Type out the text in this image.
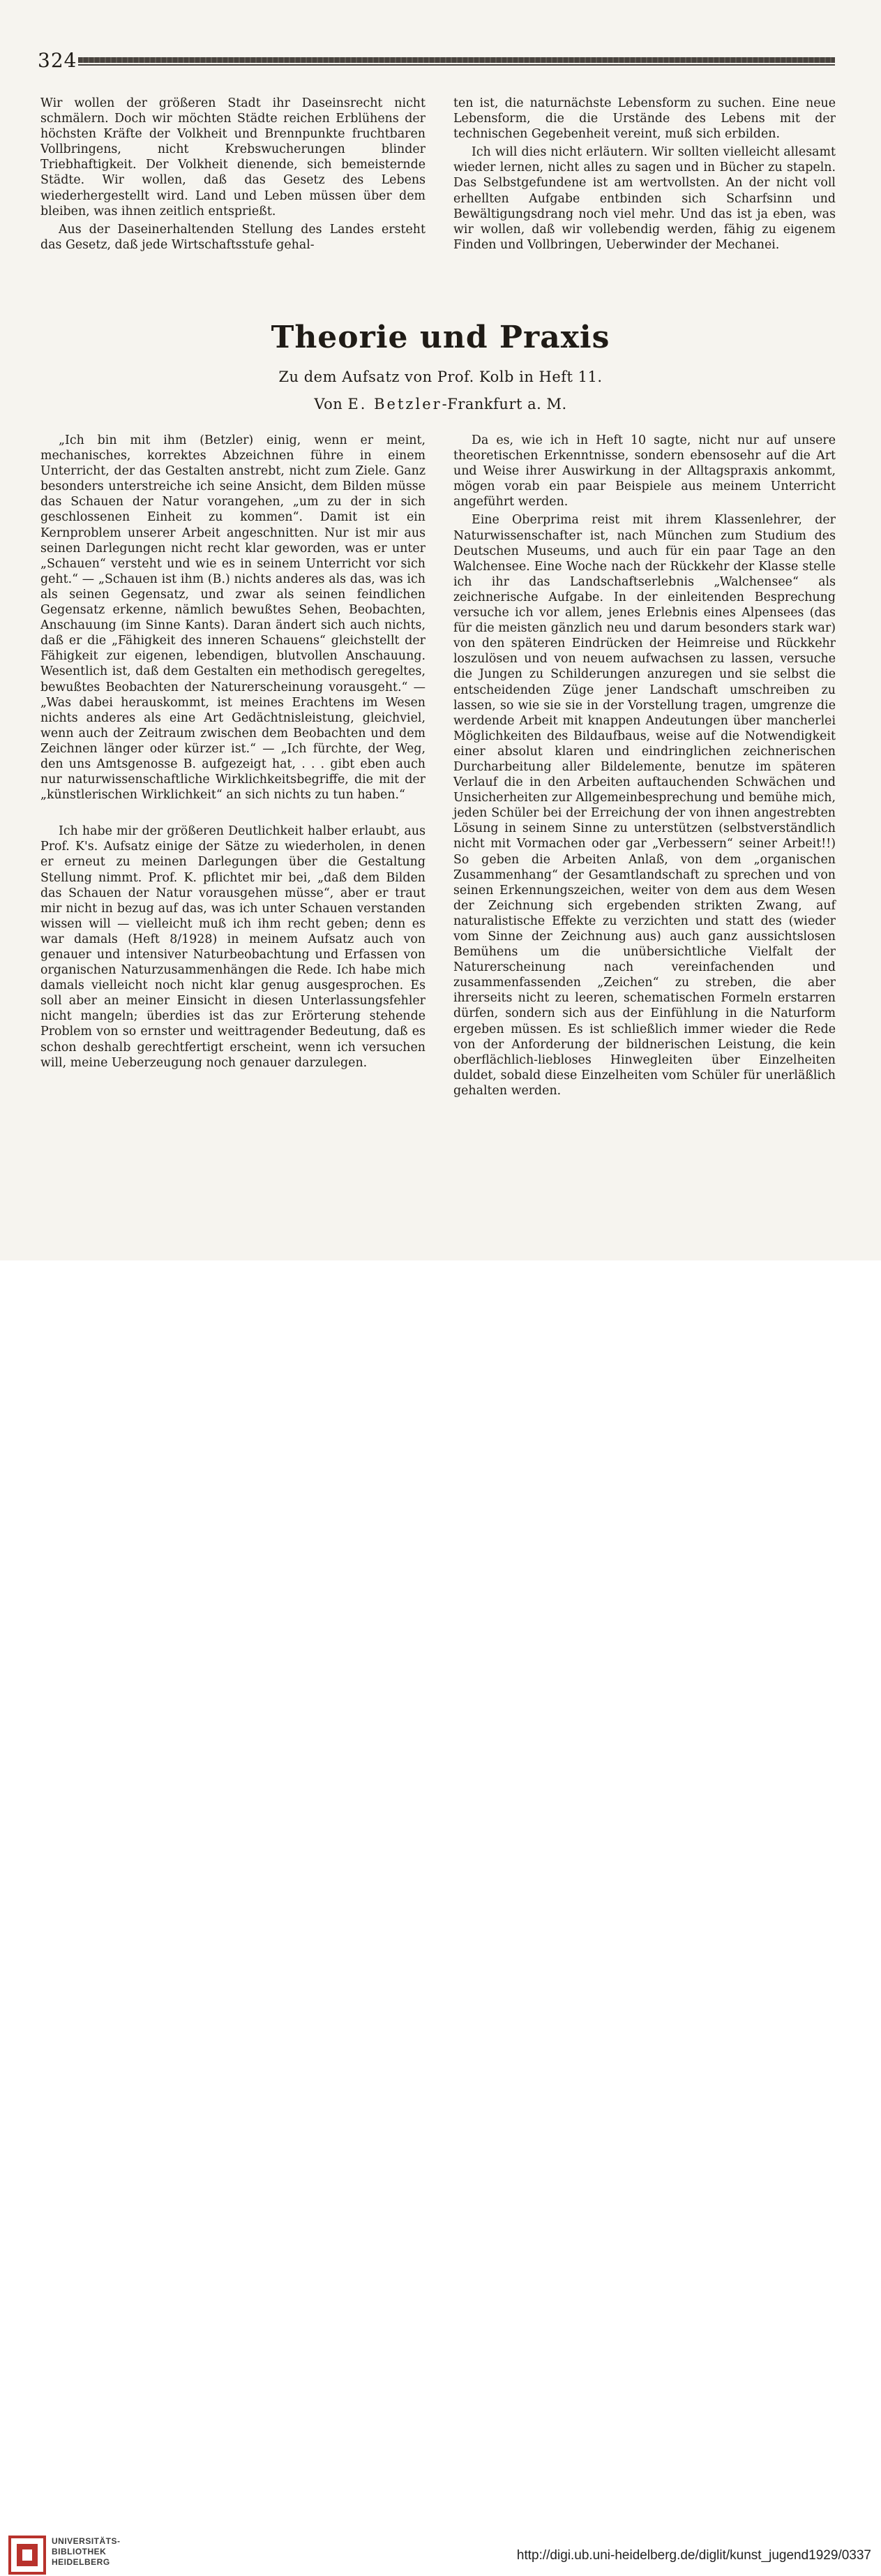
324

Wir wollen der größeren Stadt ihr Daseinsrecht nicht schmälern. Doch wir möchten Städte reichen Erblühens der höchsten Kräfte der Volkheit und Brennpunkte fruchtbaren Vollbringens, nicht Krebswucherungen blinder Triebhaftigkeit. Der Volkheit dienende, sich bemeisternde Städte. Wir wollen, daß das Gesetz des Lebens wiederhergestellt wird. Land und Leben müssen über dem bleiben, was ihnen zeitlich entsprießt.

Aus der Daseinerhaltenden Stellung des Landes ersteht das Gesetz, daß jede Wirtschaftsstufe gehal-

ten ist, die naturnächste Lebensform zu suchen. Eine neue Lebensform, die die Urstände des Lebens mit der technischen Gegebenheit vereint, muß sich erbilden.

Ich will dies nicht erläutern. Wir sollten vielleicht allesamt wieder lernen, nicht alles zu sagen und in Bücher zu stapeln. Das Selbstgefundene ist am wertvollsten. An der nicht voll erhellten Aufgabe entbinden sich Scharfsinn und Bewältigungsdrang noch viel mehr. Und das ist ja eben, was wir wollen, daß wir vollebendig werden, fähig zu eigenem Finden und Vollbringen, Ueberwinder der Mechanei.

Theorie und Praxis
Zu dem Aufsatz von Prof. Kolb in Heft 11.
Von E. Betzler-Frankfurt a. M.

„Ich bin mit ihm (Betzler) einig, wenn er meint, mechanisches, korrektes Abzeichnen führe in einem Unterricht, der das Gestalten anstrebt, nicht zum Ziele. Ganz besonders unterstreiche ich seine Ansicht, dem Bilden müsse das Schauen der Natur vorangehen, „um zu der in sich geschlossenen Einheit zu kommen“. Damit ist ein Kernproblem unserer Arbeit angeschnitten. Nur ist mir aus seinen Darlegungen nicht recht klar geworden, was er unter „Schauen“ versteht und wie es in seinem Unterricht vor sich geht.“ — „Schauen ist ihm (B.) nichts anderes als das, was ich als seinen Gegensatz, und zwar als seinen feindlichen Gegensatz erkenne, nämlich bewußtes Sehen, Beobachten, Anschauung (im Sinne Kants). Daran ändert sich auch nichts, daß er die „Fähigkeit des inneren Schauens“ gleichstellt der Fähigkeit zur eigenen, lebendigen, blutvollen Anschauung. Wesentlich ist, daß dem Gestalten ein methodisch geregeltes, bewußtes Beobachten der Naturerscheinung vorausgeht.“ — „Was dabei herauskommt, ist meines Erachtens im Wesen nichts anderes als eine Art Gedächtnisleistung, gleichviel, wenn auch der Zeitraum zwischen dem Beobachten und dem Zeichnen länger oder kürzer ist.“ — „Ich fürchte, der Weg, den uns Amtsgenosse B. aufgezeigt hat, . . . gibt eben auch nur naturwissenschaftliche Wirklichkeitsbegriffe, die mit der „künstlerischen Wirklichkeit“ an sich nichts zu tun haben.“

Ich habe mir der größeren Deutlichkeit halber erlaubt, aus Prof. K's. Aufsatz einige der Sätze zu wiederholen, in denen er erneut zu meinen Darlegungen über die Gestaltung Stellung nimmt. Prof. K. pflichtet mir bei, „daß dem Bilden das Schauen der Natur vorausgehen müsse“, aber er traut mir nicht in bezug auf das, was ich unter Schauen verstanden wissen will — vielleicht muß ich ihm recht geben; denn es war damals (Heft 8/1928) in meinem Aufsatz auch von genauer und intensiver Naturbeobachtung und Erfassen von organischen Naturzusammenhängen die Rede. Ich habe mich damals vielleicht noch nicht klar genug ausgesprochen. Es soll aber an meiner Einsicht in diesen Unterlassungsfehler nicht mangeln; überdies ist das zur Erörterung stehende Problem von so ernster und weittragender Bedeutung, daß es schon deshalb gerechtfertigt erscheint, wenn ich versuchen will, meine Ueberzeugung noch genauer darzulegen.

Da es, wie ich in Heft 10 sagte, nicht nur auf unsere theoretischen Erkenntnisse, sondern ebensosehr auf die Art und Weise ihrer Auswirkung in der Alltagspraxis ankommt, mögen vorab ein paar Beispiele aus meinem Unterricht angeführt werden.

Eine Oberprima reist mit ihrem Klassenlehrer, der Naturwissenschafter ist, nach München zum Studium des Deutschen Museums, und auch für ein paar Tage an den Walchensee. Eine Woche nach der Rückkehr der Klasse stelle ich ihr das Landschaftserlebnis „Walchensee“ als zeichnerische Aufgabe. In der einleitenden Besprechung versuche ich vor allem, jenes Erlebnis eines Alpensees (das für die meisten gänzlich neu und darum besonders stark war) von den späteren Eindrücken der Heimreise und Rückkehr loszulösen und von neuem aufwachsen zu lassen, versuche die Jungen zu Schilderungen anzuregen und sie selbst die entscheidenden Züge jener Landschaft umschreiben zu lassen, so wie sie sie in der Vorstellung tragen, umgrenze die werdende Arbeit mit knappen Andeutungen über mancherlei Möglichkeiten des Bildaufbaus, weise auf die Notwendigkeit einer absolut klaren und eindringlichen zeichnerischen Durcharbeitung aller Bildelemente, benutze im späteren Verlauf die in den Arbeiten auftauchenden Schwächen und Unsicherheiten zur Allgemeinbesprechung und bemühe mich, jeden Schüler bei der Erreichung der von ihnen angestrebten Lösung in seinem Sinne zu unterstützen (selbstverständlich nicht mit Vormachen oder gar „Verbessern“ seiner Arbeit!!) So geben die Arbeiten Anlaß, von dem „organischen Zusammenhang“ der Gesamtlandschaft zu sprechen und von seinen Erkennungszeichen, weiter von dem aus dem Wesen der Zeichnung sich ergebenden strikten Zwang, auf naturalistische Effekte zu verzichten und statt des (wieder vom Sinne der Zeichnung aus) auch ganz aussichtslosen Bemühens um die unübersichtliche Vielfalt der Naturerscheinung nach vereinfachenden und zusammenfassenden „Zeichen“ zu streben, die aber ihrerseits nicht zu leeren, schematischen Formeln erstarren dürfen, sondern sich aus der Einfühlung in die Naturform ergeben müssen. Es ist schließlich immer wieder die Rede von der Anforderung der bildnerischen Leistung, die kein oberflächlich-liebloses Hinwegleiten über Einzelheiten duldet, sobald diese Einzelheiten vom Schüler für unerläßlich gehalten werden.

UNIVERSITÄTS-
BIBLIOTHEK
HEIDELBERG	http://digi.ub.uni-heidelberg.de/diglit/kunst_jugend1929/0337
